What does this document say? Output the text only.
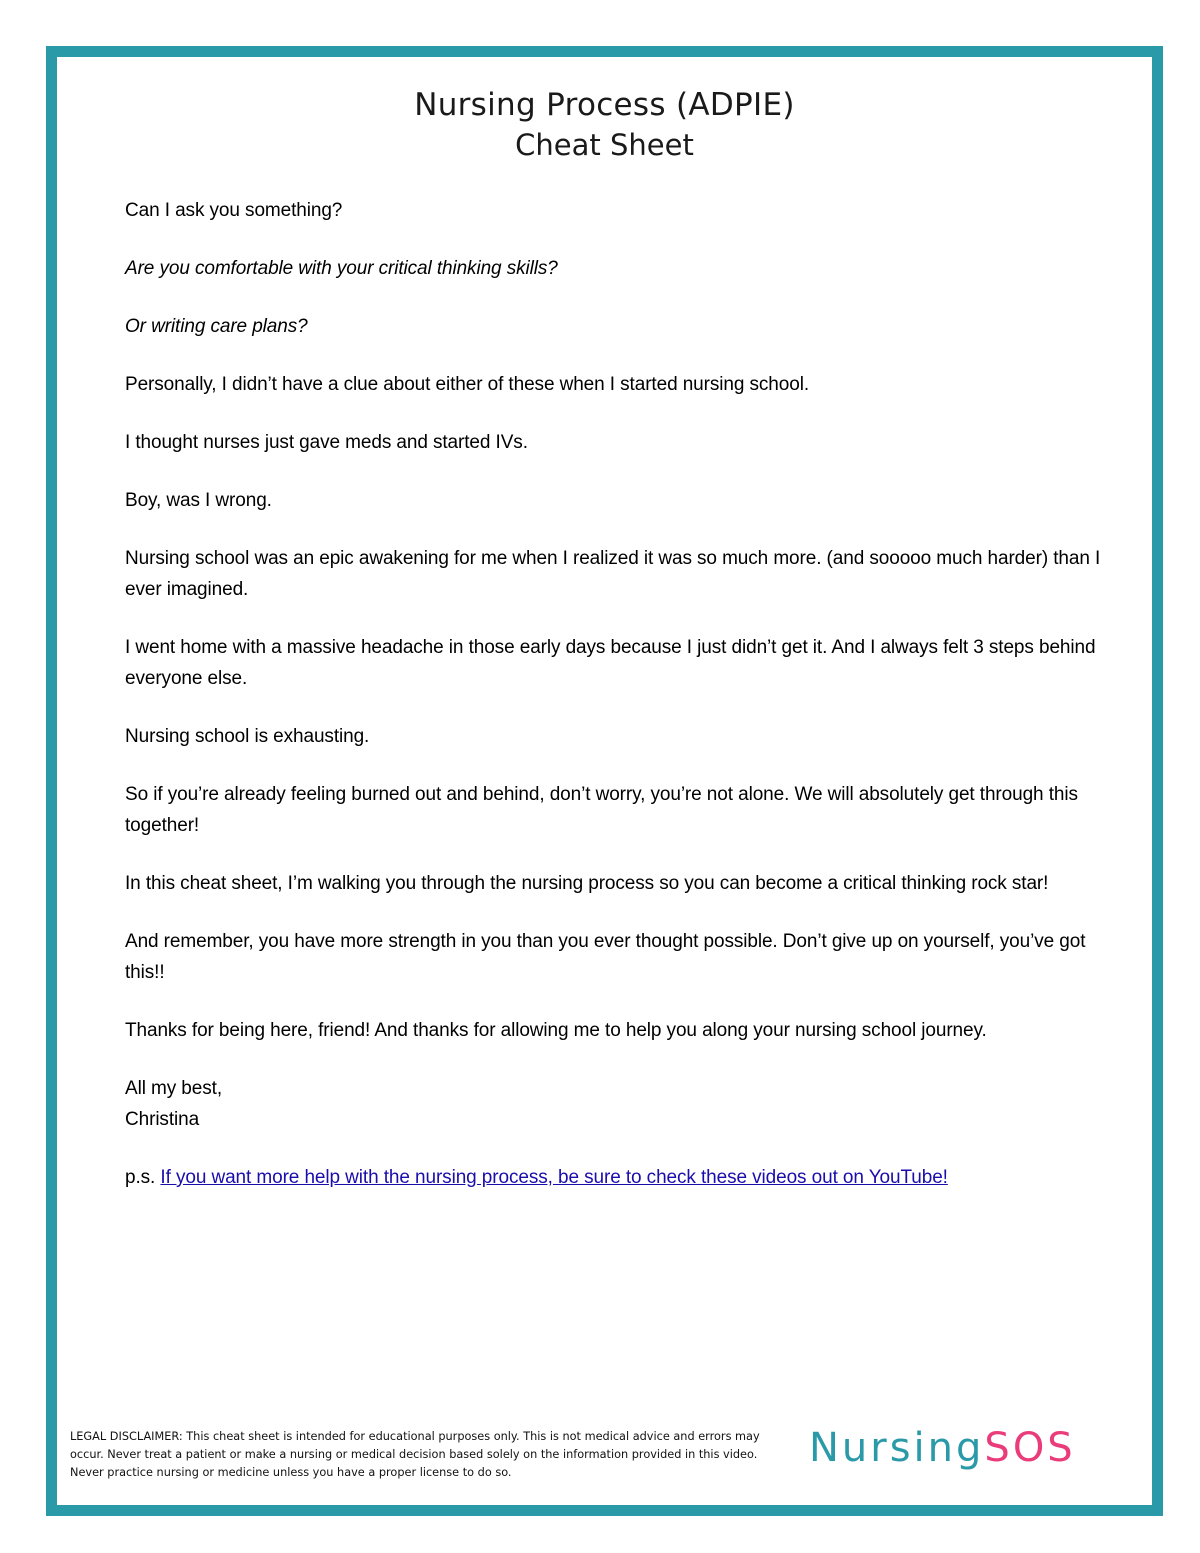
Nursing Process (ADPIE)
Cheat Sheet

Can I ask you something?

Are you comfortable with your critical thinking skills?

Or writing care plans?

Personally, I didn’t have a clue about either of these when I started nursing school.

I thought nurses just gave meds and started IVs.

Boy, was I wrong.

Nursing school was an epic awakening for me when I realized it was so much more. (and sooooo much harder) than I ever imagined.

I went home with a massive headache in those early days because I just didn’t get it. And I always felt 3 steps behind everyone else.

Nursing school is exhausting.

So if you’re already feeling burned out and behind, don’t worry, you’re not alone. We will absolutely get through this together!

In this cheat sheet, I’m walking you through the nursing process so you can become a critical thinking rock star!

And remember, you have more strength in you than you ever thought possible. Don’t give up on yourself, you’ve got this!!

Thanks for being here, friend! And thanks for allowing me to help you along your nursing school journey.

All my best,
Christina

p.s. If you want more help with the nursing process, be sure to check these videos out on YouTube!

LEGAL DISCLAIMER: This cheat sheet is intended for educational purposes only. This is not medical advice and errors may occur. Never treat a patient or make a nursing or medical decision based solely on the information provided in this video. Never practice nursing or medicine unless you have a proper license to do so.
NursingSOS
